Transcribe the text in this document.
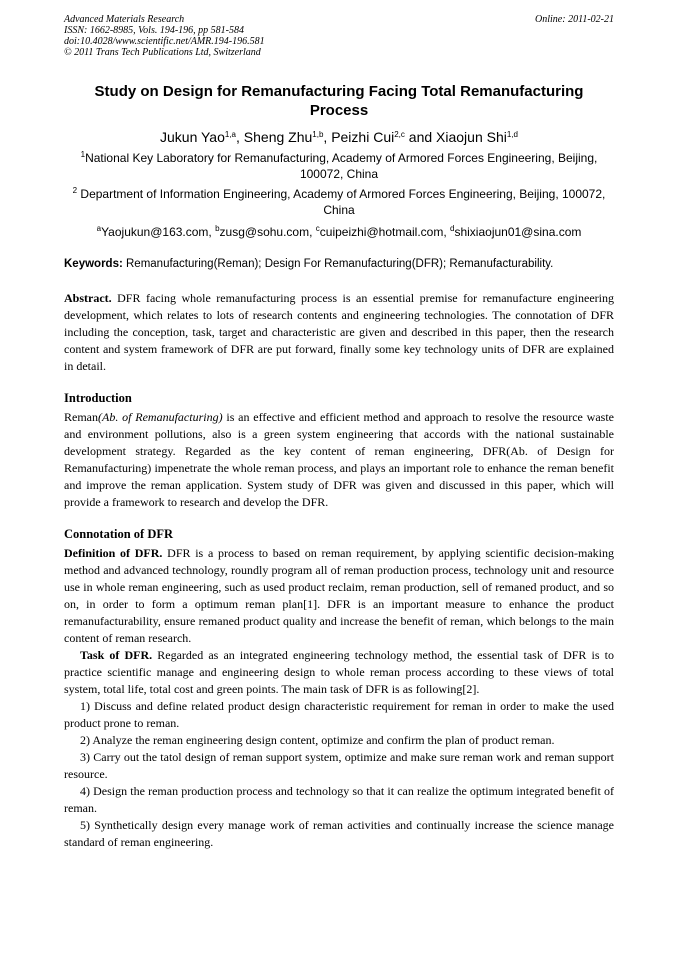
Advanced Materials Research
ISSN: 1662-8985, Vols. 194-196, pp 581-584
doi:10.4028/www.scientific.net/AMR.194-196.581
© 2011 Trans Tech Publications Ltd, Switzerland
Online: 2011-02-21
Study on Design for Remanufacturing Facing Total Remanufacturing Process
Jukun Yao$^{1,a}$, Sheng Zhu$^{1,b}$, Peizhi Cui$^{2,c}$ and Xiaojun Shi$^{1,d}$
$^1$National Key Laboratory for Remanufacturing, Academy of Armored Forces Engineering, Beijing, 100072, China
$^2$ Department of Information Engineering, Academy of Armored Forces Engineering, Beijing, 100072, China
$^a$Yaojukun@163.com, $^b$zusg@sohu.com, $^c$cuipeizhi@hotmail.com, $^d$shixiaojun01@sina.com
Keywords: Remanufacturing(Reman); Design For Remanufacturing(DFR); Remanufacturability.

Abstract. DFR facing whole remanufacturing process is an essential premise for remanufacture engineering development, which relates to lots of research contents and engineering technologies. The connotation of DFR including the conception, task, target and characteristic are given and described in this paper, then the research content and system framework of DFR are put forward, finally some key technology units of DFR are explained in detail.

Introduction

Reman(Ab. of Remanufacturing) is an effective and efficient method and approach to resolve the resource waste and environment pollutions, also is a green system engineering that accords with the national sustainable development strategy. Regarded as the key content of reman engineering, DFR(Ab. of Design for Remanufacturing) impenetrate the whole reman process, and plays an important role to enhance the reman benefit and improve the reman application. System study of DFR was given and discussed in this paper, which will provide a framework to research and develop the DFR.

Connotation of DFR

Definition of DFR. DFR is a process to based on reman requirement, by applying scientific decision-making method and advanced technology, roundly program all of reman production process, technology unit and resource use in whole reman engineering, such as used product reclaim, reman production, sell of remaned product, and so on, in order to form a optimum reman plan[1]. DFR is an important measure to enhance the product remanufacturability, ensure remaned product quality and increase the benefit of reman, which belongs to the main content of reman research.

Task of DFR. Regarded as an integrated engineering technology method, the essential task of DFR is to practice scientific manage and engineering design to whole reman process according to these views of total system, total life, total cost and green points. The main task of DFR is as following[2].

1) Discuss and define related product design characteristic requirement for reman in order to make the used product prone to reman.

2) Analyze the reman engineering design content, optimize and confirm the plan of product reman.

3) Carry out the tatol design of reman support system, optimize and make sure reman work and reman support resource.

4) Design the reman production process and technology so that it can realize the optimum integrated benefit of reman.

5) Synthetically design every manage work of reman activities and continually increase the science manage standard of reman engineering.
